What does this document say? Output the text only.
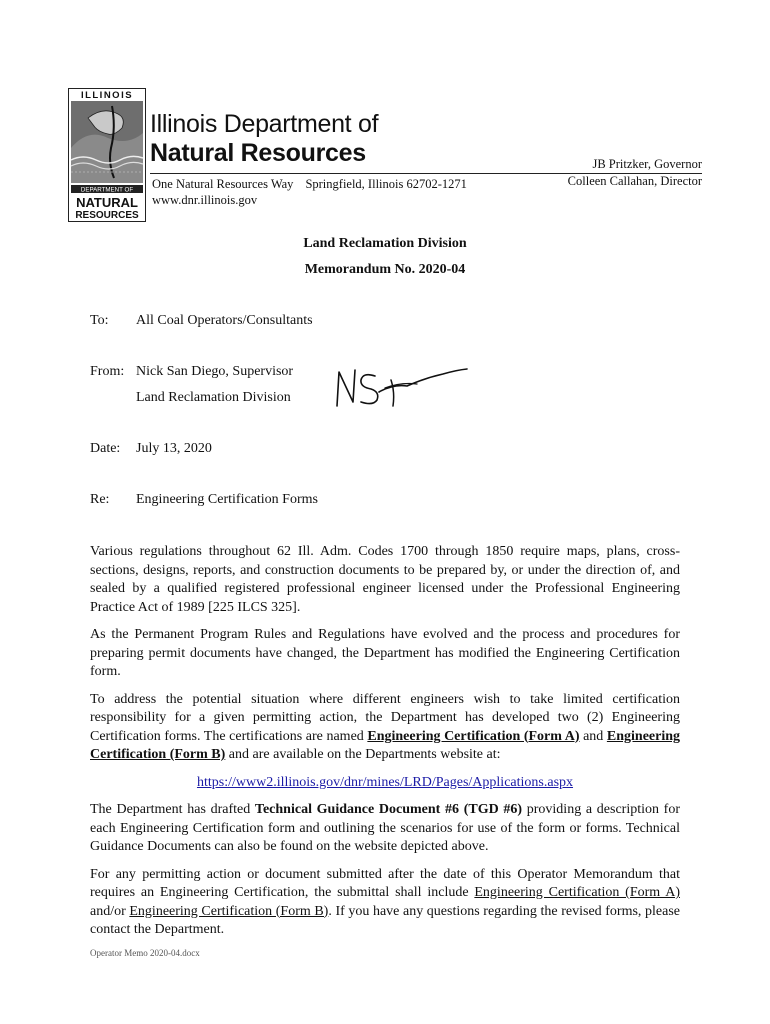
ILLINOIS
DEPARTMENT OF
NATURAL
RESOURCES
Illinois Department of
Natural Resources	JB Pritzker, Governor
Colleen Callahan, Director
One Natural Resources Way Springfield, Illinois 62702-1271
www.dnr.illinois.gov
Land Reclamation Division
Memorandum No. 2020-04
To: All Coal Operators/Consultants
From: Nick San Diego, Supervisor
Land Reclamation Division
Date: July 13, 2020
Re: Engineering Certification Forms

Various regulations throughout 62 Ill. Adm. Codes 1700 through 1850 require maps, plans, cross-sections, designs, reports, and construction documents to be prepared by, or under the direction of, and sealed by a qualified registered professional engineer licensed under the Professional Engineering Practice Act of 1989 [225 ILCS 325].

As the Permanent Program Rules and Regulations have evolved and the process and procedures for preparing permit documents have changed, the Department has modified the Engineering Certification form.

To address the potential situation where different engineers wish to take limited certification responsibility for a given permitting action, the Department has developed two (2) Engineering Certification forms. The certifications are named Engineering Certification (Form A) and Engineering Certification (Form B) and are available on the Departments website at:

https://www2.illinois.gov/dnr/mines/LRD/Pages/Applications.aspx

The Department has drafted Technical Guidance Document #6 (TGD #6) providing a description for each Engineering Certification form and outlining the scenarios for use of the form or forms. Technical Guidance Documents can also be found on the website depicted above.

For any permitting action or document submitted after the date of this Operator Memorandum that requires an Engineering Certification, the submittal shall include Engineering Certification (Form A) and/or Engineering Certification (Form B). If you have any questions regarding the revised forms, please contact the Department.

Operator Memo 2020-04.docx
